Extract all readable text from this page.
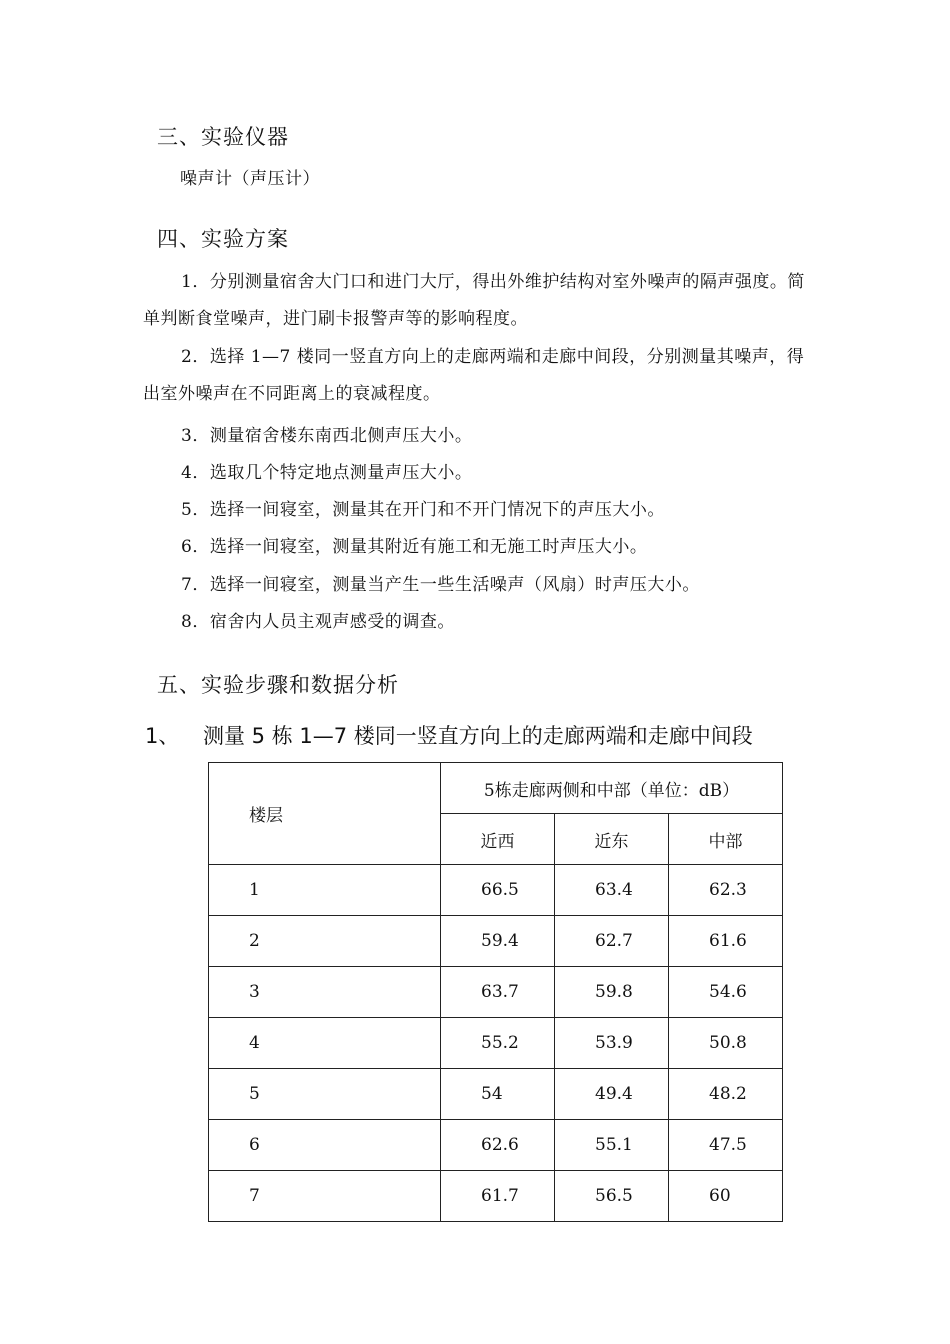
三、实验仪器
噪声计（声压计）
四、实验方案
1．分别测量宿舍大门口和进门大厅，得出外维护结构对室外噪声的隔声强度。简单判断食堂噪声，进门刷卡报警声等的影响程度。
2．选择 1—7 楼同一竖直方向上的走廊两端和走廊中间段，分别测量其噪声，得出室外噪声在不同距离上的衰减程度。
3．测量宿舍楼东南西北侧声压大小。
4．选取几个特定地点测量声压大小。
5．选择一间寝室，测量其在开门和不开门情况下的声压大小。
6．选择一间寝室，测量其附近有施工和无施工时声压大小。
7．选择一间寝室，测量当产生一些生活噪声（风扇）时声压大小。
8．宿舍内人员主观声感受的调查。
五、实验步骤和数据分析
1、 测量 5 栋 1—7 楼同一竖直方向上的走廊两端和走廊中间段
楼层	5栋走廊两侧和中部（单位：dB）		
	近西	近东	中部
1	66.5	63.4	62.3
2	59.4	62.7	61.6
3	63.7	59.8	54.6
4	55.2	53.9	50.8
5	54	49.4	48.2
6	62.6	55.1	47.5
7	61.7	56.5	60
